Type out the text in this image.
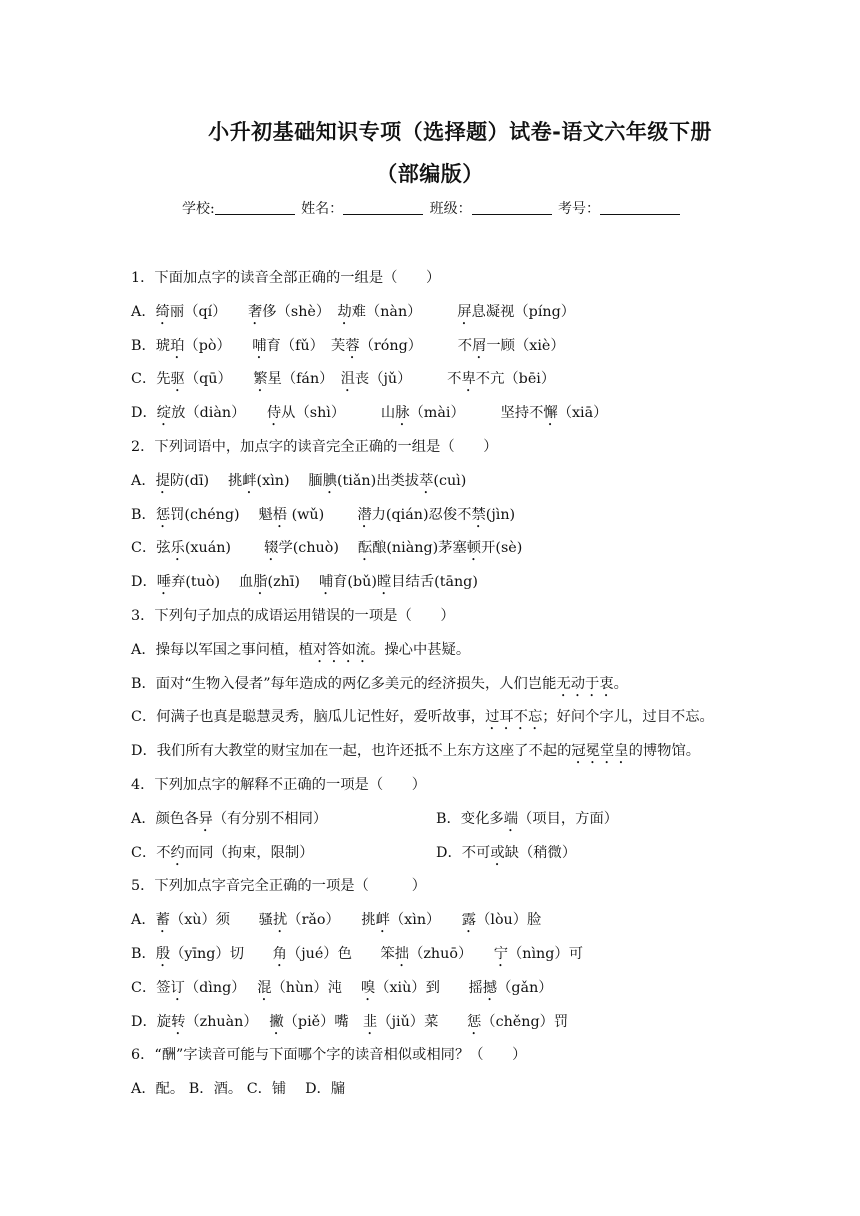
小升初基础知识专项（选择题）试卷-语文六年级下册
（部编版）
学校:	姓名：	班级：	考号：
1．下面加点字的读音全部正确的一组是（　　）
A．绮丽（qí）　　奢侈（shè）　劫难（nàn）　　　屏息凝视（píng）
B．琥珀（pò）　　哺育（fǔ）　芙蓉（róng）　　　不屑一顾（xiè）
C．先驱（qū）　　繁星（fán）　沮丧（jǔ）　　　不卑不亢（bēi）
D．绽放（diàn）　　侍从（shì）　　　山脉（mài）　　　坚持不懈（xiā）
2．下列词语中，加点字的读音完全正确的一组是（　　）
A．提防(dī)　 挑衅(xìn)　 腼腆(tiǎn)出类拔萃(cuì)
B．惩罚(chéng)　 魁梧 (wǔ)　　 潜力(qián)忍俊不禁(jìn)
C．弦乐(xuán)　　 辍学(chuò)　 酝酿(niàng)茅塞顿开(sè)
D．唾弃(tuò)　 血脂(zhī)　 哺育(bǔ)瞠目结舌(tāng)
3．下列句子加点的成语运用错误的一项是（　　）
A．操每以军国之事问植，植对答如流。操心中甚疑。
B．面对“生物入侵者”每年造成的两亿多美元的经济损失，人们岂能无动于衷。
C．何满子也真是聪慧灵秀，脑瓜儿记性好，爱听故事，过耳不忘；好问个字儿，过目不忘。
D．我们所有大教堂的财宝加在一起，也许还抵不上东方这座了不起的冠冕堂皇的博物馆。
4．下列加点字的解释不正确的一项是（　　）
A．颜色各异（有分别不相同）	B．变化多端（项目，方面）
C．不约而同（拘束，限制）	D．不可或缺（稍微）
5．下列加点字音完全正确的一项是（　　　）
A．蓄（xù）须　　骚扰（rǎo）　　挑衅（xìn）　　露（lòu）脸
B．殷（yīng）切　　角（jué）色　　笨拙（zhuō）　　宁（nìng）可
C．签订（dìng）　 混（hùn）沌　 嗅（xiù）到　　摇撼（gǎn）
D．旋转（zhuàn）　 撇（piě）嘴　韭（jiǔ）菜　　惩（chěng）罚
6．“酬”字读音可能与下面哪个字的读音相似或相同？（　　）
A．配。 B．酒。 C．铺　 D．牖
